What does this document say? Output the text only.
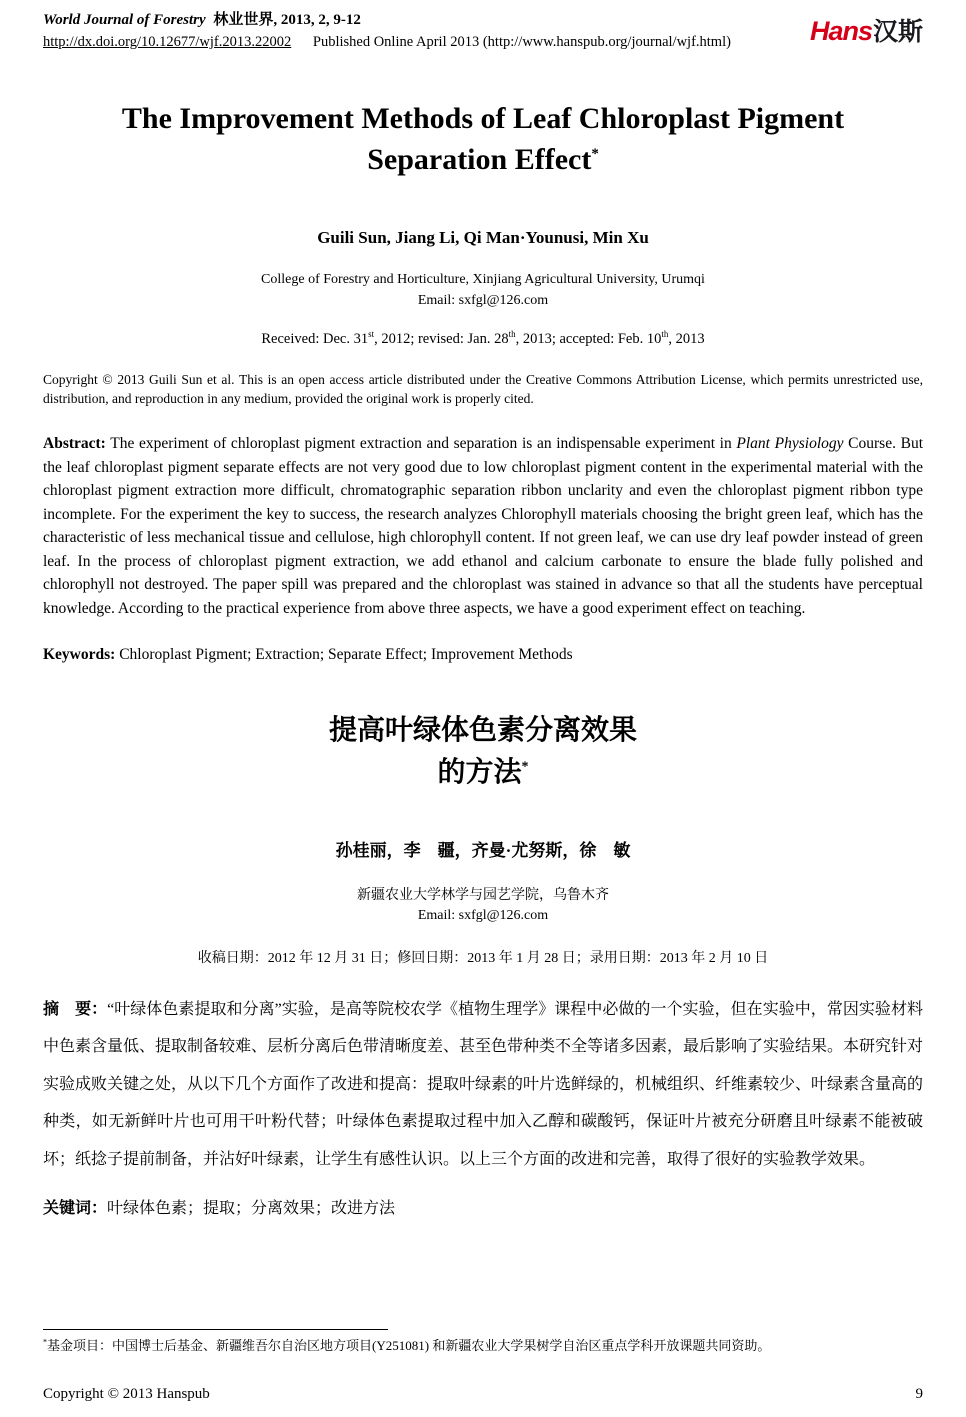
World Journal of Forestry 林业世界, 2013, 2, 9-12
http://dx.doi.org/10.12677/wjf.2013.22002 Published Online April 2013 (http://www.hanspub.org/journal/wjf.html)	Hans汉斯
The Improvement Methods of Leaf Chloroplast Pigment
Separation Effect*

Guili Sun, Jiang Li, Qi Man·Younusi, Min Xu

College of Forestry and Horticulture, Xinjiang Agricultural University, Urumqi

Email: sxfgl@126.com

Received: Dec. 31st, 2012; revised: Jan. 28th, 2013; accepted: Feb. 10th, 2013

Copyright © 2013 Guili Sun et al. This is an open access article distributed under the Creative Commons Attribution License, which permits unrestricted use, distribution, and reproduction in any medium, provided the original work is properly cited.

Abstract: The experiment of chloroplast pigment extraction and separation is an indispensable experiment in Plant Physiology Course. But the leaf chloroplast pigment separate effects are not very good due to low chloroplast pigment content in the experimental material with the chloroplast pigment extraction more difficult, chromatographic separation ribbon unclarity and even the chloroplast pigment ribbon type incomplete. For the experiment the key to success, the research analyzes Chlorophyll materials choosing the bright green leaf, which has the characteristic of less mechanical tissue and cellulose, high chlorophyll content. If not green leaf, we can use dry leaf powder instead of green leaf. In the process of chloroplast pigment extraction, we add ethanol and calcium carbonate to ensure the blade fully polished and chlorophyll not destroyed. The paper spill was prepared and the chloroplast was stained in advance so that all the students have perceptual knowledge. According to the practical experience from above three aspects, we have a good experiment effect on teaching.

Keywords: Chloroplast Pigment; Extraction; Separate Effect; Improvement Methods

提高叶绿体色素分离效果
的方法*

孙桂丽，李　疆，齐曼·尤努斯，徐　敏

新疆农业大学林学与园艺学院，乌鲁木齐

Email: sxfgl@126.com

收稿日期：2012 年 12 月 31 日；修回日期：2013 年 1 月 28 日；录用日期：2013 年 2 月 10 日

摘　要：“叶绿体色素提取和分离”实验，是高等院校农学《植物生理学》课程中必做的一个实验，但在实验中，常因实验材料中色素含量低、提取制备较难、层析分离后色带清晰度差、甚至色带种类不全等诸多因素，最后影响了实验结果。本研究针对实验成败关键之处，从以下几个方面作了改进和提高：提取叶绿素的叶片选鲜绿的，机械组织、纤维素较少、叶绿素含量高的种类，如无新鲜叶片也可用干叶粉代替；叶绿体色素提取过程中加入乙醇和碳酸钙，保证叶片被充分研磨且叶绿素不能被破坏；纸捻子提前制备，并沾好叶绿素，让学生有感性认识。以上三个方面的改进和完善，取得了很好的实验教学效果。

关键词：叶绿体色素；提取；分离效果；改进方法

*基金项目：中国博士后基金、新疆维吾尔自治区地方项目(Y251081) 和新疆农业大学果树学自治区重点学科开放课题共同资助。

Copyright © 2013 Hanspub	9
